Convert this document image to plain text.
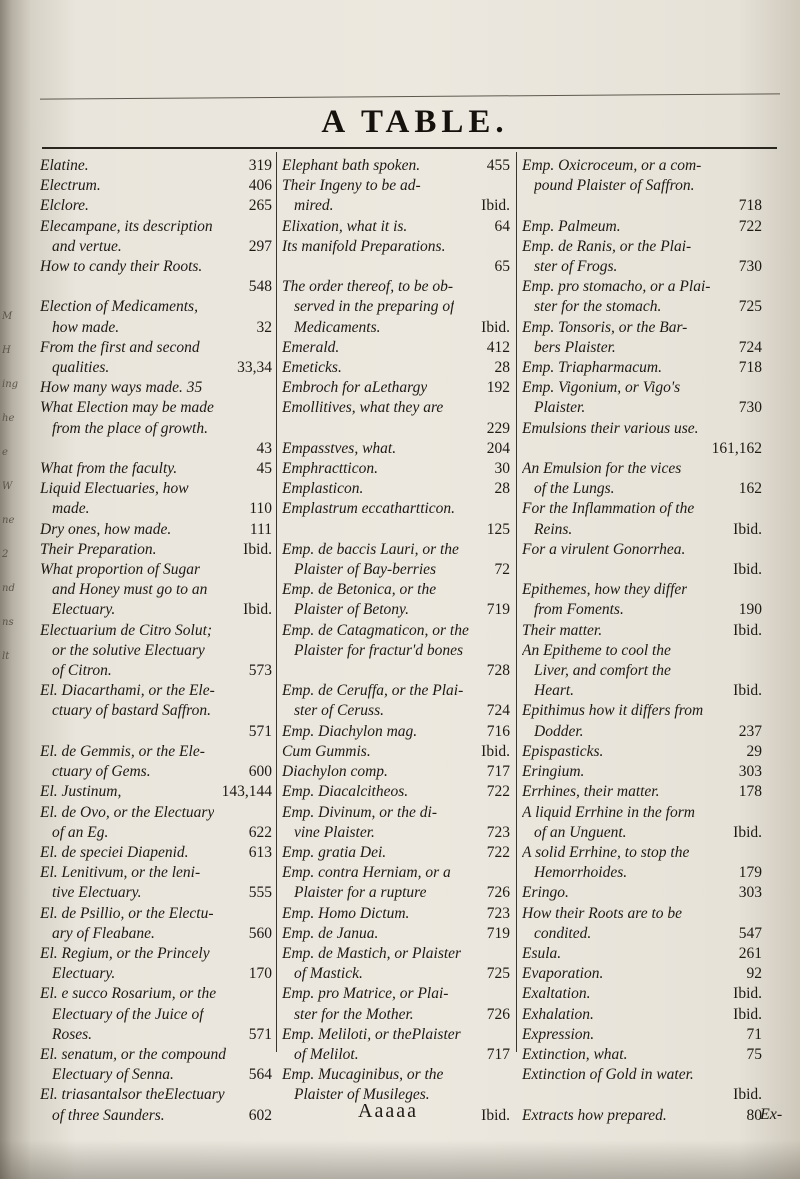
M
H
ing
he
e
W
ne
2
nd
ns
lt
A TABLE.
Elatine.	319
Electrum.	406
Elclore.	265
Elecampane, its description
and vertue.	297
How to candy their Roots.
548
Election of Medicaments,
how made.	32
From the first and second
qualities.	33,34
How many ways made. 35
What Election may be made
from the place of growth.
43
What from the faculty.	45
Liquid Electuaries, how
made.	110
Dry ones, how made.	111
Their Preparation.	Ibid.
What proportion of Sugar
and Honey must go to an
Electuary.	Ibid.
Electuarium de Citro Solut;
or the solutive Electuary
of Citron.	573
El. Diacarthami, or the Ele-
ctuary of bastard Saffron.
571
El. de Gemmis, or the Ele-
ctuary of Gems.	600
El. Justinum,	143,144
El. de Ovo, or the Electuary
of an Eg.	622
El. de speciei Diapenid.	613
El. Lenitivum, or the leni-
tive Electuary.	555
El. de Psillio, or the Electu-
ary of Fleabane.	560
El. Regium, or the Princely
Electuary.	170
El. e succo Rosarium, or the
Electuary of the Juice of
Roses.	571
El. senatum, or the compound
Electuary of Senna.	564
El. triasantalsor theElectuary
of three Saunders.	602
Elephant bath spoken.	455
Their Ingeny to be ad-
mired.	Ibid.
Elixation, what it is.	64
Its manifold Preparations.
65
The order thereof, to be ob-
served in the preparing of
Medicaments.	Ibid.
Emerald.	412
Emeticks.	28
Embroch for aLethargy	192
Emollitives, what they are
229
Empasstves, what.	204
Emphractticon.	30
Emplasticon.	28
Emplastrum eccathartticon.
125
Emp. de baccis Lauri, or the
Plaister of Bay-berries	72
Emp. de Betonica, or the
Plaister of Betony.	719
Emp. de Catagmaticon, or the
Plaister for fractur'd bones
728
Emp. de Ceruffa, or the Plai-
ster of Ceruss.	724
Emp. Diachylon mag.	716
Cum Gummis.	Ibid.
Diachylon comp.	717
Emp. Diacalcitheos.	722
Emp. Divinum, or the di-
vine Plaister.	723
Emp. gratia Dei.	722
Emp. contra Herniam, or a
Plaister for a rupture	726
Emp. Homo Dictum.	723
Emp. de Janua.	719
Emp. de Mastich, or Plaister
of Mastick.	725
Emp. pro Matrice, or Plai-
ster for the Mother.	726
Emp. Meliloti, or thePlaister
of Melilot.	717
Emp. Mucaginibus, or the
Plaister of Musileges.
Ibid.
Emp. Oxicroceum, or a com-
pound Plaister of Saffron.
718
Emp. Palmeum.	722
Emp. de Ranis, or the Plai-
ster of Frogs.	730
Emp. pro stomacho, or a Plai-
ster for the stomach.	725
Emp. Tonsoris, or the Bar-
bers Plaister.	724
Emp. Triapharmacum.	718
Emp. Vigonium, or Vigo's
Plaister.	730
Emulsions their various use.
161,162
An Emulsion for the vices
of the Lungs.	162
For the Inflammation of the
Reins.	Ibid.
For a virulent Gonorrhea.
Ibid.
Epithemes, how they differ
from Foments.	190
Their matter.	Ibid.
An Epitheme to cool the
Liver, and comfort the
Heart.	Ibid.
Epithimus how it differs from
Dodder.	237
Epispasticks.	29
Eringium.	303
Errhines, their matter.	178
A liquid Errhine in the form
of an Unguent.	Ibid.
A solid Errhine, to stop the
Hemorrhoides.	179
Eringo.	303
How their Roots are to be
condited.	547
Esula.	261
Evaporation.	92
Exaltation.	Ibid.
Exhalation.	Ibid.
Expression.	71
Extinction, what.	75
Extinction of Gold in water.
Ibid.
Extracts how prepared.	80
Aaaaa	Ex-
